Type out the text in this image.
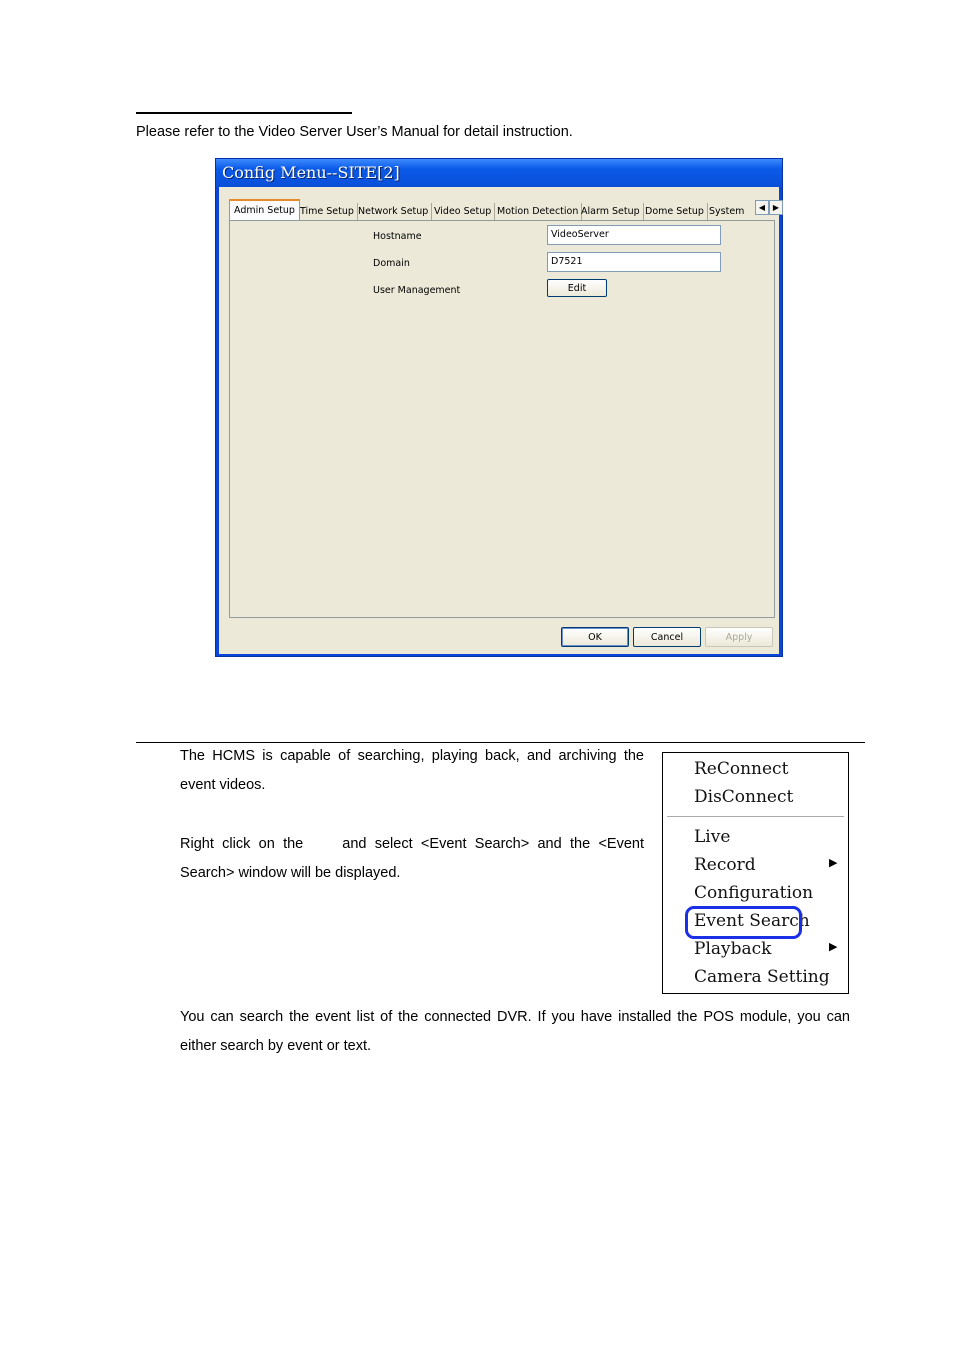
Please refer to the Video Server User’s Manual for detail instruction.
Config Menu--SITE[2]
Admin Setup Time Setup Network Setup Video Setup Motion Detection Alarm Setup Dome Setup System	◀ ▶
Hostname	VideoServer
Domain	D7521
User Management	Edit
OK	Cancel	Apply
The HCMS is capable of searching, playing back, and archiving the event videos.
Right click on the	and select <Event Search> and the <Event Search> window will be displayed.
ReConnect
DisConnect
Live
Record	▶
Configuration
Event Search
Playback	▶
Camera Setting
You can search the event list of the connected DVR. If you have installed the POS module, you can either search by event or text.
